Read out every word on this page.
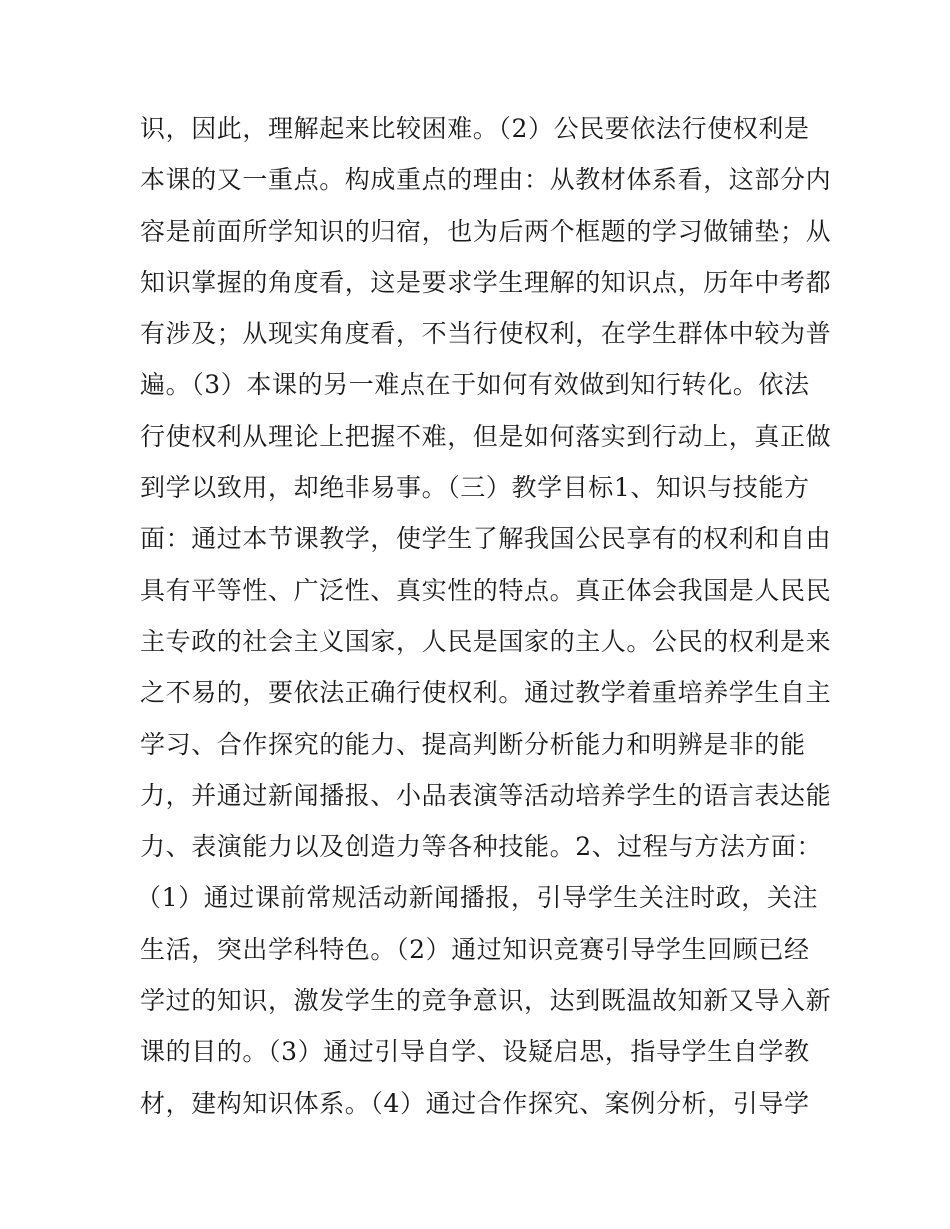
识，因此，理解起来比较困难。（2）公民要依法行使权利是
本课的又一重点。构成重点的理由：从教材体系看，这部分内
容是前面所学知识的归宿，也为后两个框题的学习做铺垫；从
知识掌握的角度看，这是要求学生理解的知识点，历年中考都
有涉及；从现实角度看，不当行使权利，在学生群体中较为普
遍。（3）本课的另一难点在于如何有效做到知行转化。依法
行使权利从理论上把握不难，但是如何落实到行动上，真正做
到学以致用，却绝非易事。（三）教学目标1、知识与技能方
面：通过本节课教学，使学生了解我国公民享有的权利和自由
具有平等性、广泛性、真实性的特点。真正体会我国是人民民
主专政的社会主义国家，人民是国家的主人。公民的权利是来
之不易的，要依法正确行使权利。通过教学着重培养学生自主
学习、合作探究的能力、提高判断分析能力和明辨是非的能
力，并通过新闻播报、小品表演等活动培养学生的语言表达能
力、表演能力以及创造力等各种技能。2、过程与方法方面：
（1）通过课前常规活动新闻播报，引导学生关注时政，关注
生活，突出学科特色。（2）通过知识竞赛引导学生回顾已经
学过的知识，激发学生的竞争意识，达到既温故知新又导入新
课的目的。（3）通过引导自学、设疑启思，指导学生自学教
材，建构知识体系。（4）通过合作探究、案例分析，引导学
